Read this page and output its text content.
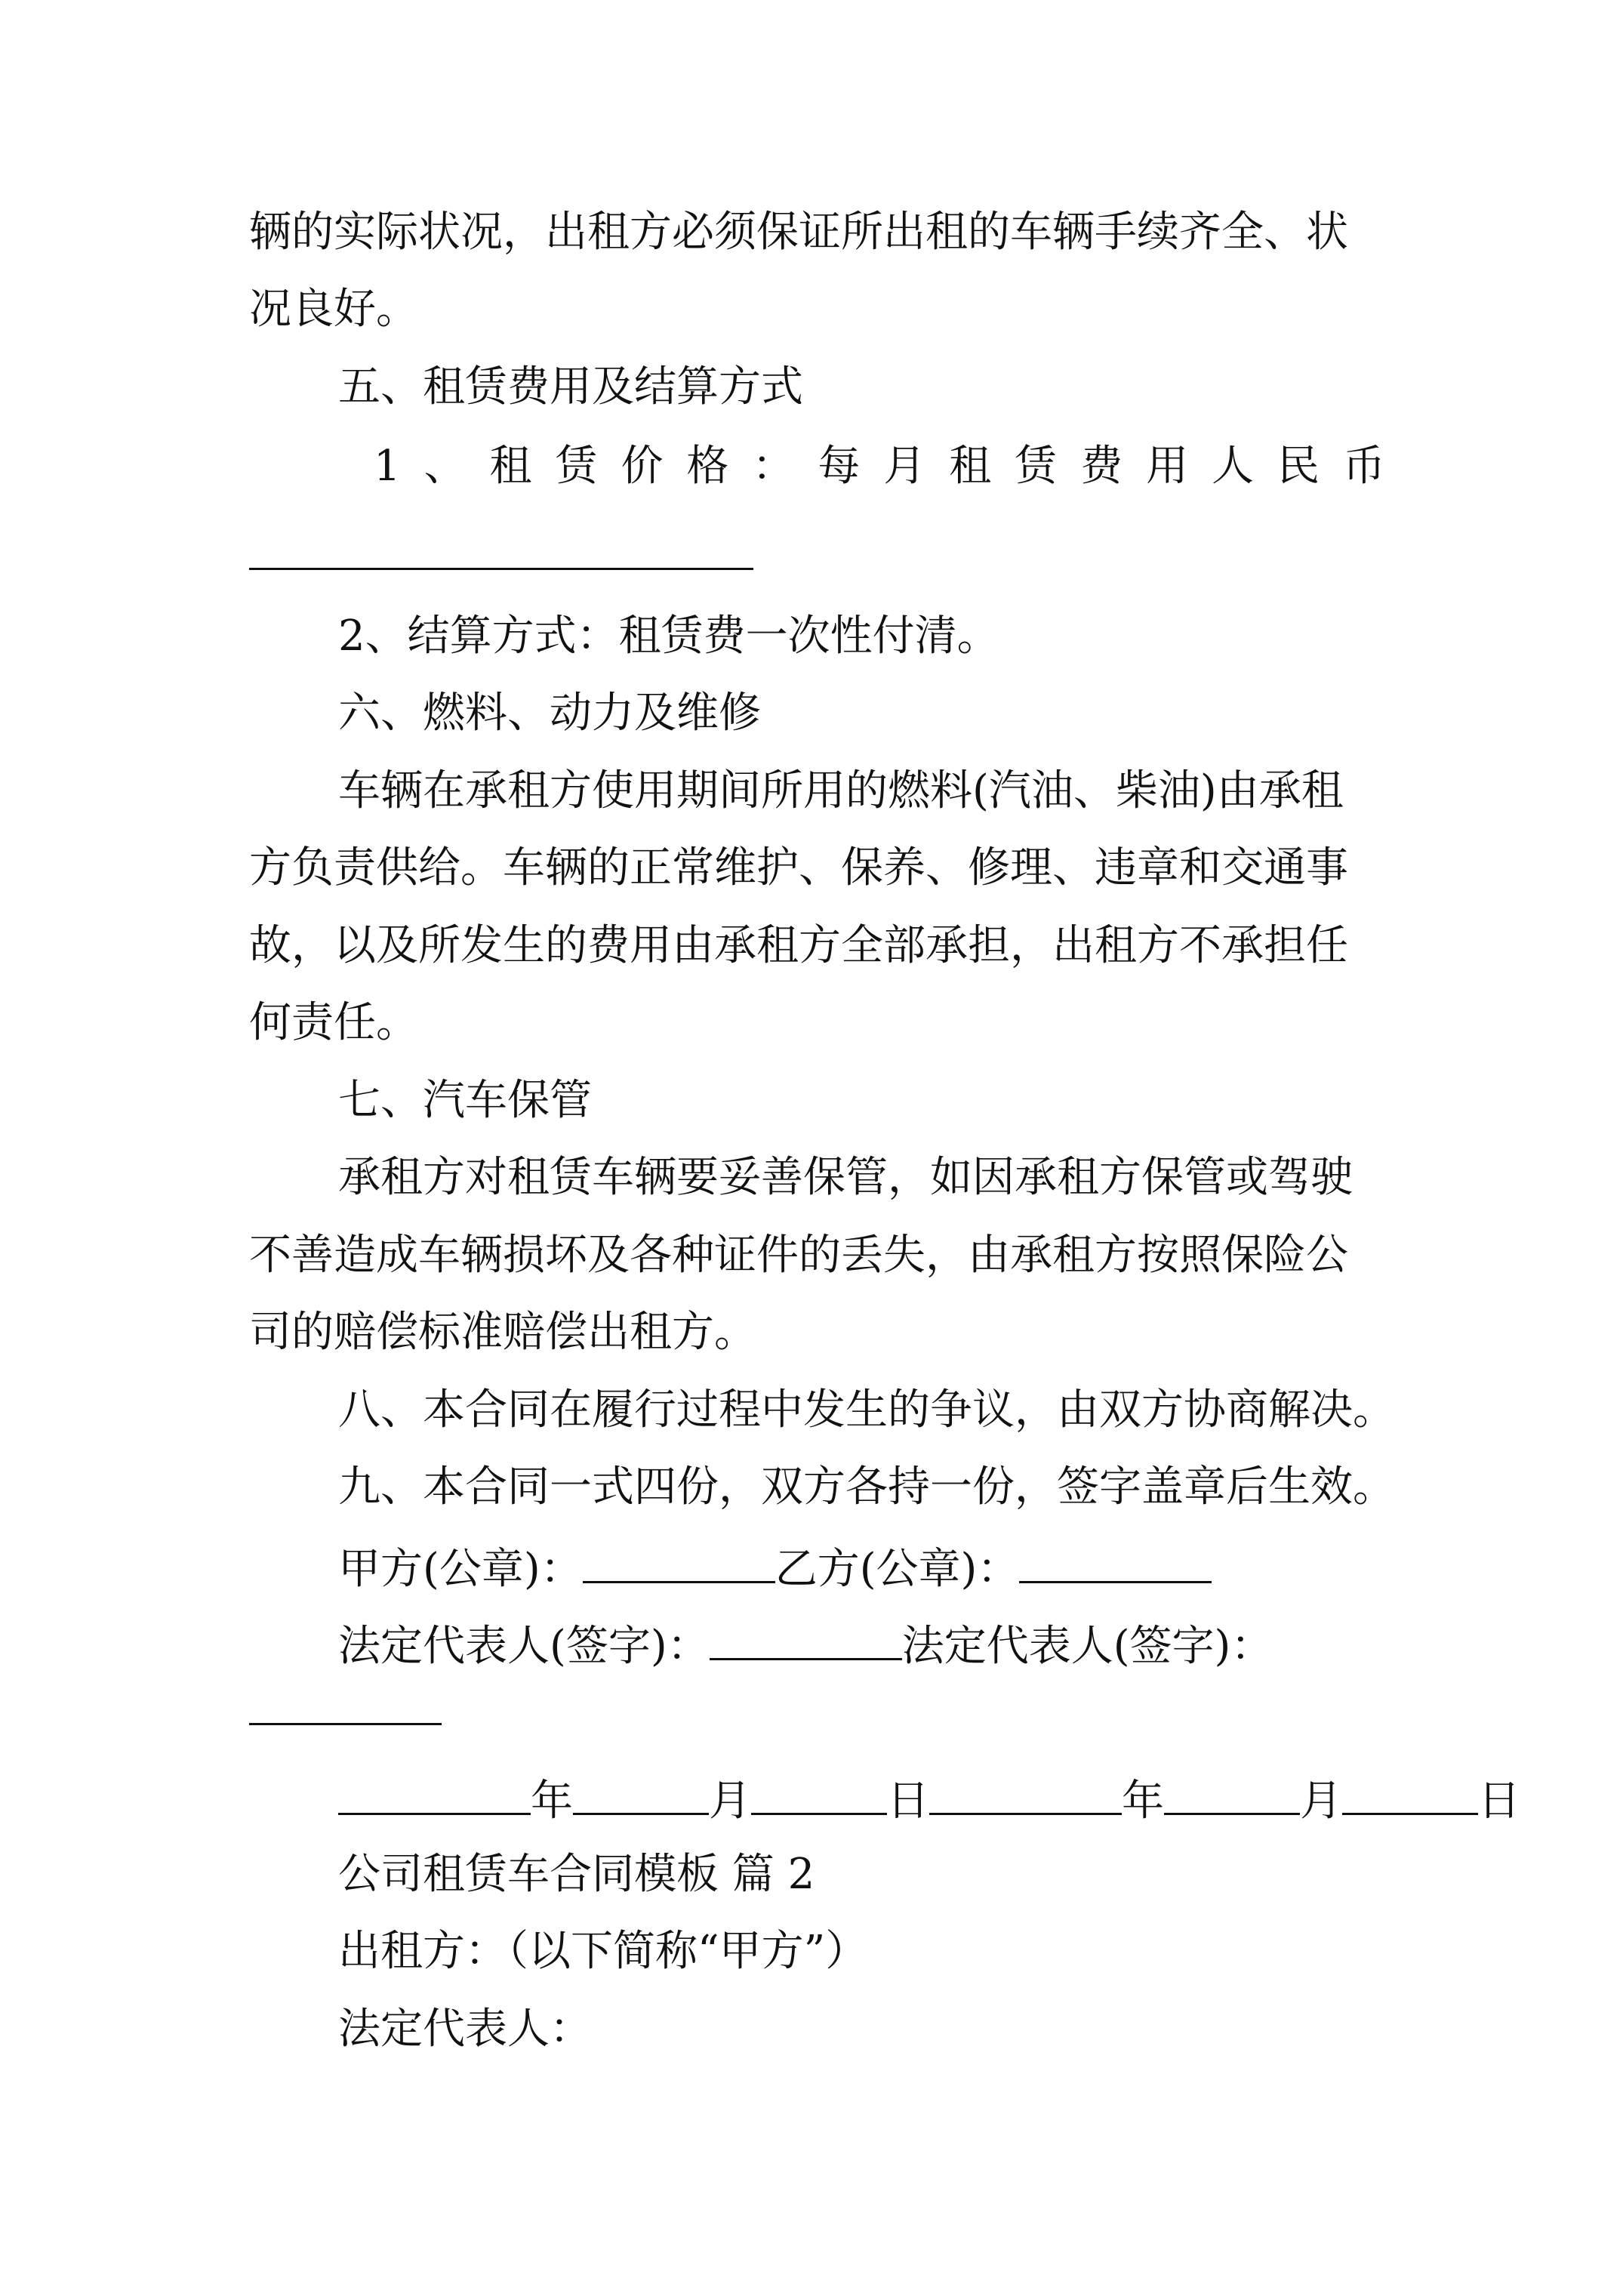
辆的实际状况，出租方必须保证所出租的车辆手续齐全、状
况良好。
五、租赁费用及结算方式
1 、 租 赁 价 格 ： 每 月 租 赁 费 用 人 民 币
2、结算方式：租赁费一次性付清。
六、燃料、动力及维修
车辆在承租方使用期间所用的燃料(汽油、柴油)由承租
方负责供给。车辆的正常维护、保养、修理、违章和交通事
故，以及所发生的费用由承租方全部承担，出租方不承担任
何责任。
七、汽车保管
承租方对租赁车辆要妥善保管，如因承租方保管或驾驶
不善造成车辆损坏及各种证件的丢失，由承租方按照保险公
司的赔偿标准赔偿出租方。
八、本合同在履行过程中发生的争议，由双方协商解决。
九、本合同一式四份，双方各持一份，签字盖章后生效。
甲方(公章)：	乙方(公章)：
法定代表人(签字)：	法定代表人(签字)：
年	月	日	年	月	日
公司租赁车合同模板 篇 2
出租方：（以下简称“甲方”）
法定代表人：
